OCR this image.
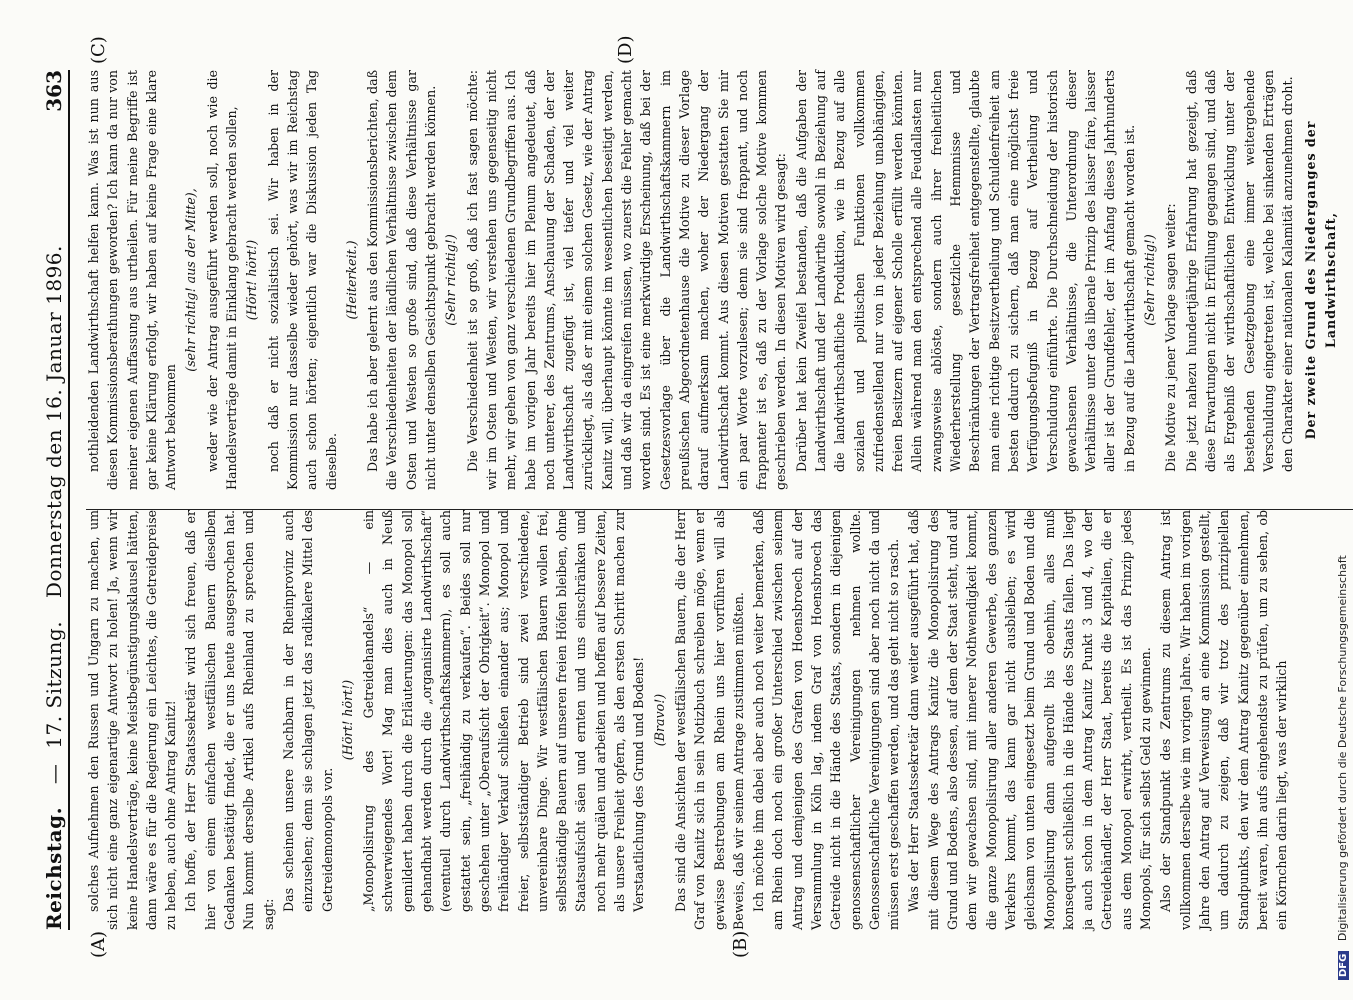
Reichstag. — 17. Sitzung. Donnerstag den 16. Januar 1896.
363
(A)	(B)
(C)	(D)

solches Aufnehmen den Russen und Ungarn zu machen, um sich nicht eine ganz eigenartige Antwort zu holen! Ja, wenn wir keine Handelsverträge, keine Meistbegünstigungsklausel hätten, dann wäre es für die Regierung ein Leichtes, die Getreidepreise zu heben, auch ohne Antrag Kanitz! Ich hoffe, der Herr Staatssekretär wird sich freuen, daß er hier von einem einfachen westfälischen Bauern dieselben Gedanken bestätigt findet, die er uns heute ausgesprochen hat. Nun kommt derselbe Artikel aufs Rheinland zu sprechen und sagt:

Das scheinen unsere Nachbarn in der Rheinprovinz auch einzusehen; denn sie schlagen jetzt das radikalere Mittel des Getreidemonopols vor.

(Hört! hört!) „Monopolisirung des Getreidehandels“ — ein schwerwiegendes Wort! Mag man dies auch in Neuß gemildert haben durch die Erläuterungen: das Monopol soll gehandhabt werden durch die „organisirte Landwirthschaft“ (eventuell durch Landwirthschaftskammern), es soll auch gestattet sein, „freihändig zu verkaufen“. Beides soll nur geschehen unter „Oberaufsicht der Obrigkeit“. Monopol und freihändiger Verkauf schließen einander aus; Monopol und freier, selbstständiger Betrieb sind zwei verschiedene, unvereinbare Dinge. Wir westfälischen Bauern wollen frei, selbstständige Bauern auf unseren freien Höfen bleiben, ohne Staatsaufsicht säen und ernten und uns einschränken und noch mehr quälen und arbeiten und hoffen auf bessere Zeiten, als unsere Freiheit opfern, als den ersten Schritt machen zur Verstaatlichung des Grund und Bodens! (Bravo!) Das sind die Ansichten der westfälischen Bauern, die der Herr Graf von Kanitz sich in sein Notizbuch schreiben möge, wenn er gewisse Bestrebungen am Rhein uns hier vorführen will als Beweis, daß wir seinem Antrage zustimmen müßten. Ich möchte ihm dabei aber auch noch weiter bemerken, daß am Rhein doch noch ein großer Unterschied zwischen seinem Antrag und demjenigen des Grafen von Hoensbroech auf der Versammlung in Köln lag, indem Graf von Hoensbroech das Getreide nicht in die Hände des Staats, sondern in diejenigen genossenschaftlicher Vereinigungen nehmen wollte. Genossenschaftliche Vereinigungen sind aber noch nicht da und müssen erst geschaffen werden, und das geht nicht so rasch. Was der Herr Staatssekretär dann weiter ausgeführt hat, daß mit diesem Wege des Antrags Kanitz die Monopolisirung des Grund und Bodens, also dessen, auf dem der Staat steht, und auf dem wir gewachsen sind, mit innerer Nothwendigkeit kommt, die ganze Monopolisirung aller anderen Gewerbe, des ganzen Verkehrs kommt, das kann gar nicht ausbleiben; es wird gleichsam von unten eingesetzt beim Grund und Boden und die Monopolisirung dann aufgerollt bis obenhin, alles muß konsequent schließlich in die Hände des Staats fallen. Das liegt ja auch schon in dem Antrag Kanitz Punkt 3 und 4, wo der Getreidehändler, der Herr Staat, bereits die Kapitalien, die er aus dem Monopol erwirbt, vertheilt. Es ist das Prinzip jedes Monopols, für sich selbst Geld zu gewinnen. Also der Standpunkt des Zentrums zu diesem Antrag ist vollkommen derselbe wie im vorigen Jahre. Wir haben im vorigen Jahre den Antrag auf Verweisung an eine Kommission gestellt, um dadurch zu zeigen, daß wir trotz des prinzipiellen Standpunkts, den wir dem Antrag Kanitz gegenüber einnehmen, bereit waren, ihn aufs eingehendste zu prüfen, um zu sehen, ob ein Körnchen darin liegt, was der wirklich

nothleidenden Landwirthschaft helfen kann. Was ist nun aus diesen Kommissionsberathungen geworden? Ich kann da nur von meiner eigenen Auffassung aus urtheilen. Für meine Begriffe ist gar keine Klärung erfolgt, wir haben auf keine Frage eine klare Antwort bekommen

(sehr richtig! aus der Mitte), weder wie der Antrag ausgeführt werden soll, noch wie die Handelsverträge damit in Einklang gebracht werden sollen, (Hört! hört!) noch daß er nicht sozialistisch sei. Wir haben in der Kommission nur dasselbe wieder gehört, was wir im Reichstag auch schon hörten; eigentlich war die Diskussion jeden Tag dieselbe.

(Heiterkeit.) Das habe ich aber gelernt aus den Kommissionsberichten, daß die Verschiedenheiten der ländlichen Verhältnisse zwischen dem Osten und Westen so große sind, daß diese Verhältnisse gar nicht unter denselben Gesichtspunkt gebracht werden können. (Sehr richtig!) Die Verschiedenheit ist so groß, daß ich fast sagen möchte: wir im Osten und Westen, wir verstehen uns gegenseitig nicht mehr, wir gehen von ganz verschiedenen Grundbegriffen aus. Ich habe im vorigen Jahr bereits hier im Plenum angedeutet, daß noch unterer, des Zentrums, Anschauung der Schaden, der der Landwirthschaft zugefügt ist, viel tiefer und viel weiter zurückliegt, als daß er mit einem solchen Gesetz, wie der Antrag Kanitz will, überhaupt könnte im wesentlichen beseitigt werden, und daß wir da eingreifen müssen, wo zuerst die Fehler gemacht worden sind. Es ist eine merkwürdige Erscheinung, daß bei der Gesetzesvorlage über die Landwirthschaftskammern im preußischen Abgeordnetenhause die Motive zu dieser Vorlage darauf aufmerksam machen, woher der Niedergang der Landwirthschaft kommt. Aus diesen Motiven gestatten Sie mir ein paar Worte vorzulesen; denn sie sind frappant, und noch frappanter ist es, daß zu der Vorlage solche Motive kommen geschrieben werden. In diesen Motiven wird gesagt: Darüber hat kein Zweifel bestanden, daß die Aufgaben der Landwirthschaft und der Landwirthe sowohl in Beziehung auf die landwirthschaftliche Produktion, wie in Bezug auf alle sozialen und politischen Funktionen vollkommen zufriedenstellend nur von in jeder Beziehung unabhängigen, freien Besitzern auf eigener Scholle erfüllt werden könnten. Allein während man den entsprechend alle Feudallasten nur zwangsweise ablöste, sondern auch ihrer freiheitlichen Wiederherstellung gesetzliche Hemmnisse und Beschränkungen der Vertragsfreiheit entgegenstellte, glaubte man eine richtige Besitzvertheilung und Schuldenfreiheit am besten dadurch zu sichern, daß man eine möglichst freie Verfügungsbefugniß in Bezug auf Vertheilung und Verschuldung einführte. Die Durchschneidung der historisch gewachsenen Verhältnisse, die Unterordnung dieser Verhältnisse unter das liberale Prinzip des laisser faire, laisser aller ist der Grundfehler, der im Anfang dieses Jahrhunderts in Bezug auf die Landwirthschaft gemacht worden ist. (Sehr richtig!) Die Motive zu jener Vorlage sagen weiter: Die jetzt nahezu hundertjährige Erfahrung hat gezeigt, daß diese Erwartungen nicht in Erfüllung gegangen sind, und daß als Ergebniß der wirthschaftlichen Entwicklung unter der bestehenden Gesetzgebung eine immer weitergehende Verschuldung eingetreten ist, welche bei sinkenden Erträgen den Charakter einer nationalen Kalamität anzunehmen droht. Der zweite Grund des Niederganges der Landwirthschaft,

DFG Digitalisierung gefördert durch die Deutsche Forschungsgemeinschaft
